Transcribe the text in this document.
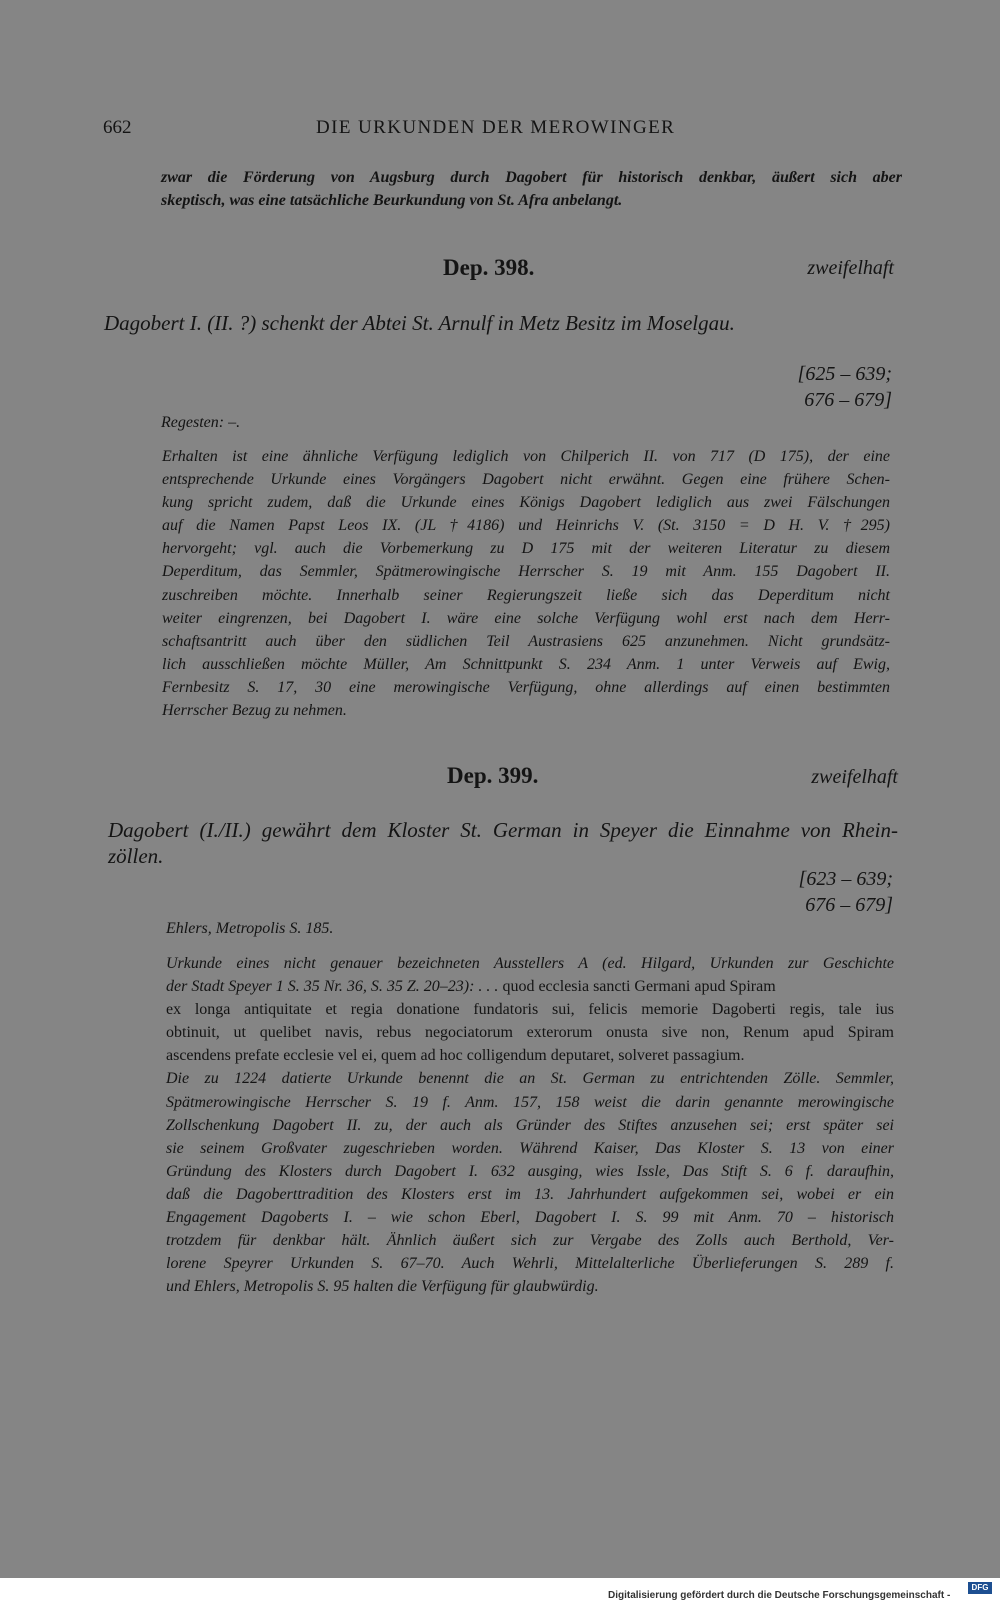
662	DIE URKUNDEN DER MEROWINGER

zwar die Förderung von Augsburg durch Dagobert für historisch denkbar, äußert sich aber
skeptisch, was eine tatsächliche Beurkundung von St. Afra anbelangt.

Dep. 398.	zweifelhaft

Dagobert I. (II. ?) schenkt der Abtei St. Arnulf in Metz Besitz im Moselgau.

[625 – 639;
676 – 679]

Regesten: –.

Erhalten ist eine ähnliche Verfügung lediglich von Chilperich II. von 717 (D 175), der eine
entsprechende Urkunde eines Vorgängers Dagobert nicht erwähnt. Gegen eine frühere Schen-
kung spricht zudem, daß die Urkunde eines Königs Dagobert lediglich aus zwei Fälschungen
auf die Namen Papst Leos IX. (JL †4186) und Heinrichs V. (St. 3150 = D H. V. †295)
hervorgeht; vgl. auch die Vorbemerkung zu D 175 mit der weiteren Literatur zu diesem
Deperditum, das Semmler, Spätmerowingische Herrscher S. 19 mit Anm. 155 Dagobert II.
zuschreiben möchte. Innerhalb seiner Regierungszeit ließe sich das Deperditum nicht
weiter eingrenzen, bei Dagobert I. wäre eine solche Verfügung wohl erst nach dem Herr-
schaftsantritt auch über den südlichen Teil Austrasiens 625 anzunehmen. Nicht grundsätz-
lich ausschließen möchte Müller, Am Schnittpunkt S. 234 Anm. 1 unter Verweis auf Ewig,
Fernbesitz S. 17, 30 eine merowingische Verfügung, ohne allerdings auf einen bestimmten
Herrscher Bezug zu nehmen.

Dep. 399.	zweifelhaft

Dagobert (I./II.) gewährt dem Kloster St. German in Speyer die Einnahme von Rhein-
zöllen.
[623 – 639;
676 – 679]

Ehlers, Metropolis S. 185.

Urkunde eines nicht genauer bezeichneten Ausstellers A (ed. Hilgard, Urkunden zur Geschichte
der Stadt Speyer 1 S. 35 Nr. 36, S. 35 Z. 20–23): . . . quod ecclesia sancti Germani apud Spiram
ex longa antiquitate et regia donatione fundatoris sui, felicis memorie Dagoberti regis, tale ius
obtinuit, ut quelibet navis, rebus negociatorum exterorum onusta sive non, Renum apud Spiram
ascendens prefate ecclesie vel ei, quem ad hoc colligendum deputaret, solveret passagium.
Die zu 1224 datierte Urkunde benennt die an St. German zu entrichtenden Zölle. Semmler,
Spätmerowingische Herrscher S. 19 f. Anm. 157, 158 weist die darin genannte merowingische
Zollschenkung Dagobert II. zu, der auch als Gründer des Stiftes anzusehen sei; erst später sei
sie seinem Großvater zugeschrieben worden. Während Kaiser, Das Kloster S. 13 von einer
Gründung des Klosters durch Dagobert I. 632 ausging, wies Issle, Das Stift S. 6 f. daraufhin,
daß die Dagoberttradition des Klosters erst im 13. Jahrhundert aufgekommen sei, wobei er ein
Engagement Dagoberts I. – wie schon Eberl, Dagobert I. S. 99 mit Anm. 70 – historisch
trotzdem für denkbar hält. Ähnlich äußert sich zur Vergabe des Zolls auch Berthold, Ver-
lorene Speyrer Urkunden S. 67–70. Auch Wehrli, Mittelalterliche Überlieferungen S. 289 f.
und Ehlers, Metropolis S. 95 halten die Verfügung für glaubwürdig.

Digitalisierung gefördert durch die Deutsche Forschungsgemeinschaft -

DFG
